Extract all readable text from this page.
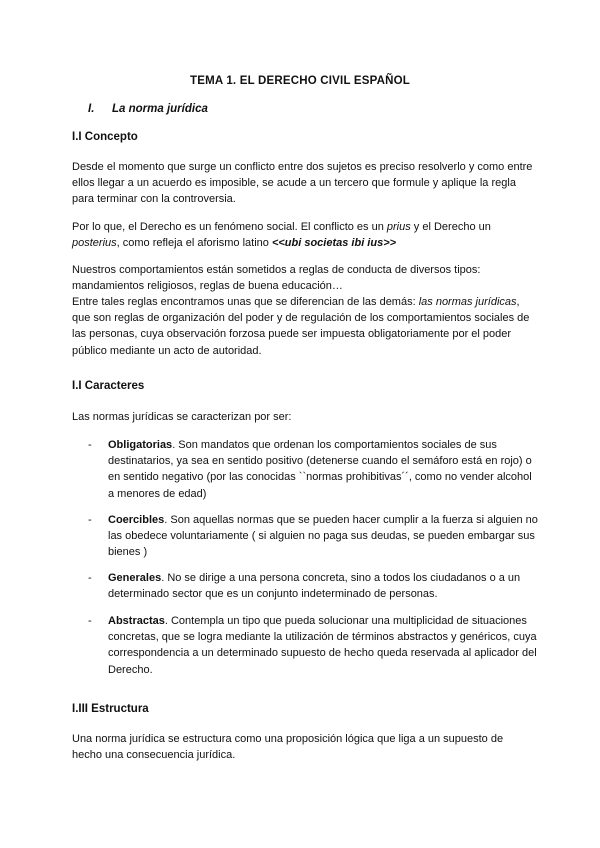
TEMA 1. EL DERECHO CIVIL ESPAÑOL
I. La norma jurídica
I.I Concepto
Desde el momento que surge un conflicto entre dos sujetos es preciso resolverlo y como entre ellos llegar a un acuerdo es imposible, se acude a un tercero que formule y aplique la regla para terminar con la controversia.
Por lo que, el Derecho es un fenómeno social. El conflicto es un prius y el Derecho un posterius, como refleja el aforismo latino <<ubi societas ibi ius>>
Nuestros comportamientos están sometidos a reglas de conducta de diversos tipos: mandamientos religiosos, reglas de buena educación…
Entre tales reglas encontramos unas que se diferencian de las demás: las normas jurídicas, que son reglas de organización del poder y de regulación de los comportamientos sociales de las personas, cuya observación forzosa puede ser impuesta obligatoriamente por el poder público mediante un acto de autoridad.
I.I Caracteres
Las normas jurídicas se caracterizan por ser:
- Obligatorias. Son mandatos que ordenan los comportamientos sociales de sus destinatarios, ya sea en sentido positivo (detenerse cuando el semáforo está en rojo) o en sentido negativo (por las conocidas ``normas prohibitivas´´, como no vender alcohol a menores de edad)
- Coercibles. Son aquellas normas que se pueden hacer cumplir a la fuerza si alguien no las obedece voluntariamente ( si alguien no paga sus deudas, se pueden embargar sus bienes )
- Generales. No se dirige a una persona concreta, sino a todos los ciudadanos o a un determinado sector que es un conjunto indeterminado de personas.
- Abstractas. Contempla un tipo que pueda solucionar una multiplicidad de situaciones concretas, que se logra mediante la utilización de términos abstractos y genéricos, cuya correspondencia a un determinado supuesto de hecho queda reservada al aplicador del Derecho.
I.III Estructura
Una norma jurídica se estructura como una proposición lógica que liga a un supuesto de hecho una consecuencia jurídica.
